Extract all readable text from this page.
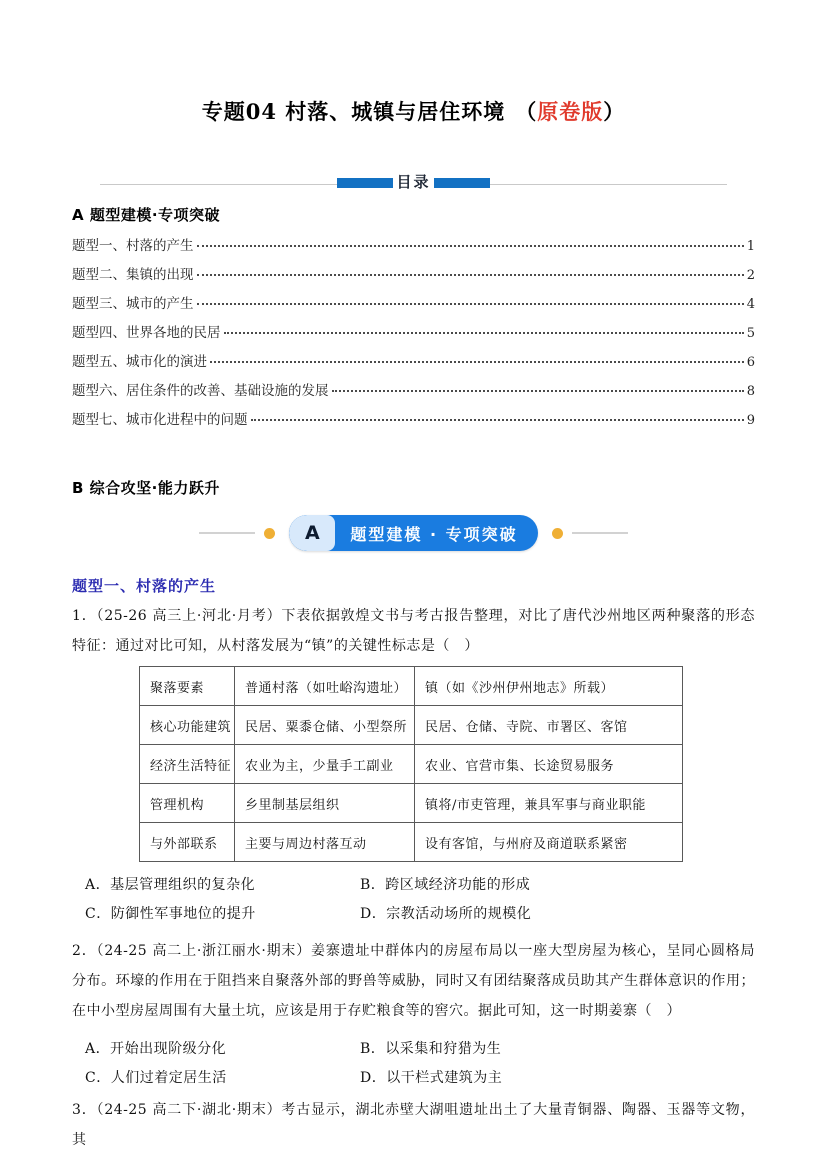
专题04 村落、城镇与居住环境 （原卷版）
目录
A 题型建模·专项突破
题型一、村落的产生	1
题型二、集镇的出现	2
题型三、城市的产生	4
题型四、世界各地的民居	5
题型五、城市化的演进	6
题型六、居住条件的改善、基础设施的发展	8
题型七、城市化进程中的问题	9
B 综合攻坚·能力跃升
A	题型建模 · 专项突破
题型一、村落的产生
1．（25-26 高三上·河北·月考）下表依据敦煌文书与考古报告整理，对比了唐代沙州地区两种聚落的形态特征：通过对比可知，从村落发展为“镇”的关键性标志是（　）
聚落要素	普通村落（如吐峪沟遗址）	镇（如《沙州伊州地志》所载）
核心功能建筑	民居、粟黍仓储、小型祭所	民居、仓储、寺院、市署区、客馆
经济生活特征	农业为主，少量手工副业	农业、官营市集、长途贸易服务
管理机构	乡里制基层组织	镇将/市吏管理，兼具军事与商业职能
与外部联系	主要与周边村落互动	设有客馆，与州府及商道联系紧密
A．基层管理组织的复杂化	B．跨区域经济功能的形成
C．防御性军事地位的提升	D．宗教活动场所的规模化
2．（24-25 高二上·浙江丽水·期末）姜寨遗址中群体内的房屋布局以一座大型房屋为核心，呈同心圆格局分布。环壕的作用在于阻挡来自聚落外部的野兽等威胁，同时又有团结聚落成员助其产生群体意识的作用；在中小型房屋周围有大量土坑，应该是用于存贮粮食等的窖穴。据此可知，这一时期姜寨（　）
A．开始出现阶级分化	B．以采集和狩猎为生
C．人们过着定居生活	D．以干栏式建筑为主
3．（24-25 高二下·湖北·期末）考古显示，湖北赤壁大湖咀遗址出土了大量青铜器、陶器、玉器等文物，其
